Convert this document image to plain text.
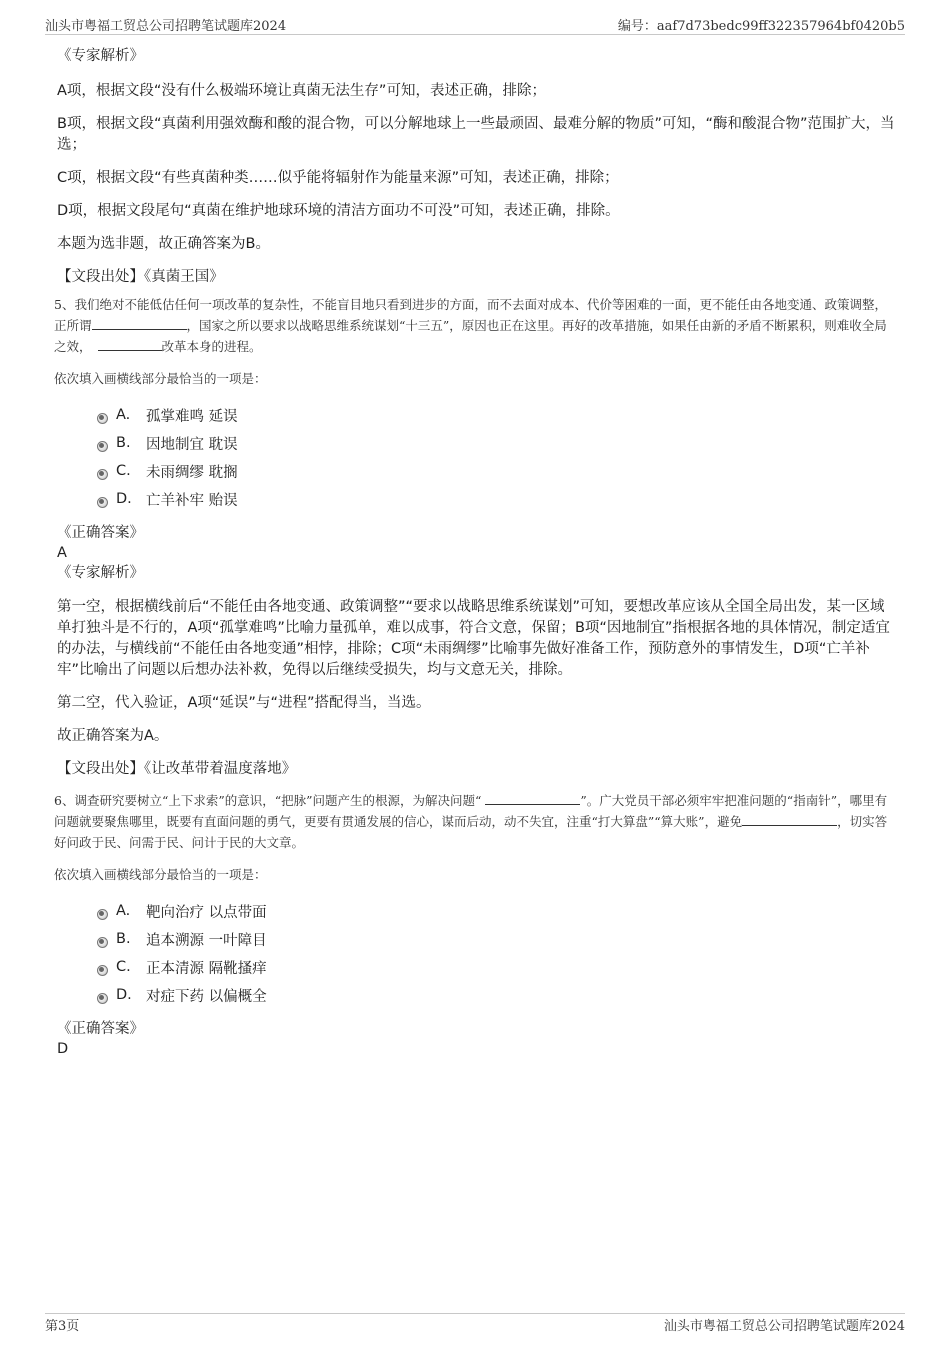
汕头市粤福工贸总公司招聘笔试题库2024	编号：aaf7d73bedc99ff322357964bf0420b5
《专家解析》

A项，根据文段“没有什么极端环境让真菌无法生存”可知，表述正确，排除；

B项，根据文段“真菌利用强效酶和酸的混合物，可以分解地球上一些最顽固、最难分解的物质”可知，“酶和酸混合物”范围扩大，当选；

C项，根据文段“有些真菌种类……似乎能将辐射作为能量来源”可知，表述正确，排除；

D项，根据文段尾句“真菌在维护地球环境的清洁方面功不可没”可知，表述正确，排除。

本题为选非题，故正确答案为B。

【文段出处】《真菌王国》
5、我们绝对不能低估任何一项改革的复杂性，不能盲目地只看到进步的方面，而不去面对成本、代价等困难的一面，更不能任由各地变通、政策调整，正所谓	，国家之所以要求以战略思维系统谋划“十三五”，原因也正在这里。再好的改革措施，如果任由新的矛盾不断累积，则难收全局之效，	改革本身的进程。
依次填入画横线部分最恰当的一项是：
A.	孤掌难鸣 延误
B.	因地制宜 耽误
C.	未雨绸缪 耽搁
D. 亡羊补牢 贻误
《正确答案》
A
《专家解析》

第一空，根据横线前后“不能任由各地变通、政策调整”“要求以战略思维系统谋划”可知，要想改革应该从全国全局出发，某一区域单打独斗是不行的，A项“孤掌难鸣”比喻力量孤单，难以成事，符合文意，保留；B项“因地制宜”指根据各地的具体情况，制定适宜的办法，与横线前“不能任由各地变通”相悖，排除；C项“未雨绸缪”比喻事先做好准备工作，预防意外的事情发生，D项“亡羊补牢”比喻出了问题以后想办法补救，免得以后继续受损失，均与文意无关，排除。

第二空，代入验证，A项“延误”与“进程”搭配得当，当选。

故正确答案为A。

【文段出处】《让改革带着温度落地》
6、调查研究要树立“上下求索”的意识，“把脉”问题产生的根源，为解决问题“	”。广大党员干部必须牢牢把准问题的“指南针”，哪里有问题就要聚焦哪里，既要有直面问题的勇气，更要有贯通发展的信心，谋而后动，动不失宜，注重“打大算盘”“算大账”，避免	，切实答好问政于民、问需于民、问计于民的大文章。
依次填入画横线部分最恰当的一项是：
A.	靶向治疗 以点带面
B.	追本溯源 一叶障目
C.	正本清源 隔靴搔痒
D. 对症下药 以偏概全
《正确答案》
D
第3页	汕头市粤福工贸总公司招聘笔试题库2024
